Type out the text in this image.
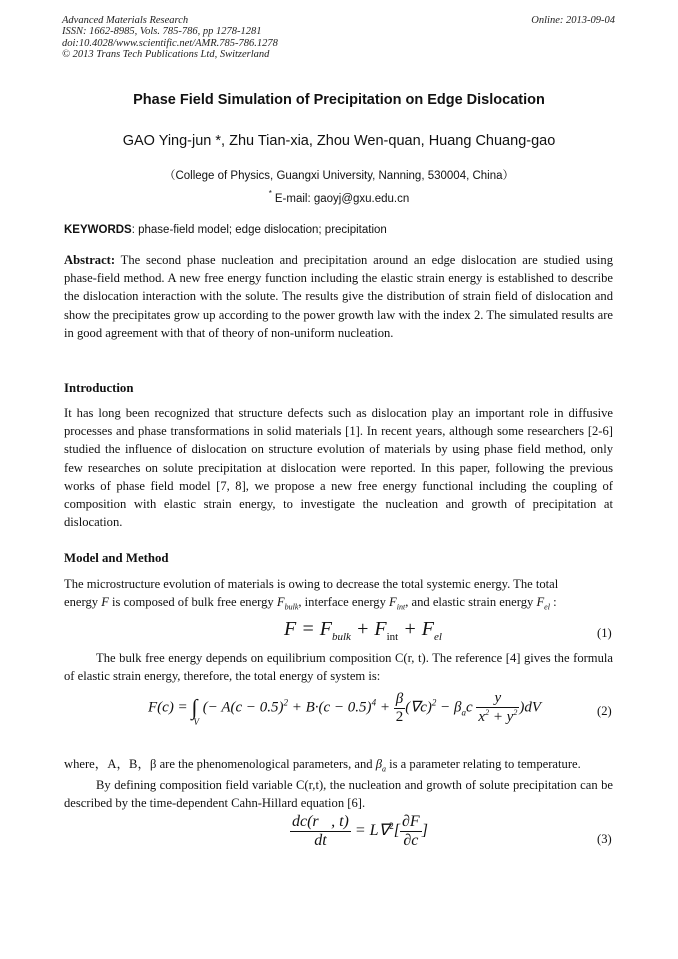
Advanced Materials Research
ISSN: 1662-8985, Vols. 785-786, pp 1278-1281
doi:10.4028/www.scientific.net/AMR.785-786.1278
© 2013 Trans Tech Publications Ltd, Switzerland
Online: 2013-09-04
Phase Field Simulation of Precipitation on Edge Dislocation
GAO Ying-jun *, Zhu Tian-xia, Zhou Wen-quan, Huang Chuang-gao
（College of Physics, Guangxi University, Nanning, 530004, China）
* E-mail: gaoyj@gxu.edu.cn
KEYWORDS: phase-field model; edge dislocation; precipitation
Abstract: The second phase nucleation and precipitation around an edge dislocation are studied using phase-field method. A new free energy function including the elastic strain energy is established to describe the dislocation interaction with the solute. The results give the distribution of strain field of dislocation and show the precipitates grow up according to the power growth law with the index 2. The simulated results are in good agreement with that of theory of non-uniform nucleation.
Introduction
It has long been recognized that structure defects such as dislocation play an important role in diffusive processes and phase transformations in solid materials [1]. In recent years, although some researchers [2-6] studied the influence of dislocation on structure evolution of materials by using phase field method, only few researches on solute precipitation at dislocation were reported. In this paper, following the previous works of phase field model [7, 8], we propose a new free energy functional including the coupling of composition with elastic strain energy, to investigate the nucleation and growth of precipitation at dislocation.
Model and Method
The microstructure evolution of materials is owing to decrease the total systemic energy. The total
energy F is composed of bulk free energy $F_{bulk}$, interface energy $F_{int}$, and elastic strain energy $F_{el}$ :
$F = F_{bulk} + F_{int} + F_{el}$	(1)
The bulk free energy depends on equilibrium composition C(r, t). The reference [4] gives the formula of elastic strain energy, therefore, the total energy of system is:
$F(c) = \int_V$ (− $A(c - 0.5)^2 + B\cdot(c - 0.5)^4 + \frac{\beta}{2} (\nabla c)^2 - \beta_ac \frac{y}{x^2 + y^2} )dV$	(2)
where，A，B，β are the phenomenological parameters, and $\beta_a$ is a parameter relating to temperature.
By defining composition field variable C(r,t), the nucleation and growth of solute precipitation can be described by the time-dependent Cahn-Hillard equation [6].
$\frac{dc(r⃗, t)}{dt} = L\nabla^2[ \frac{\partial F}{\partial c}$ ]	(3)
